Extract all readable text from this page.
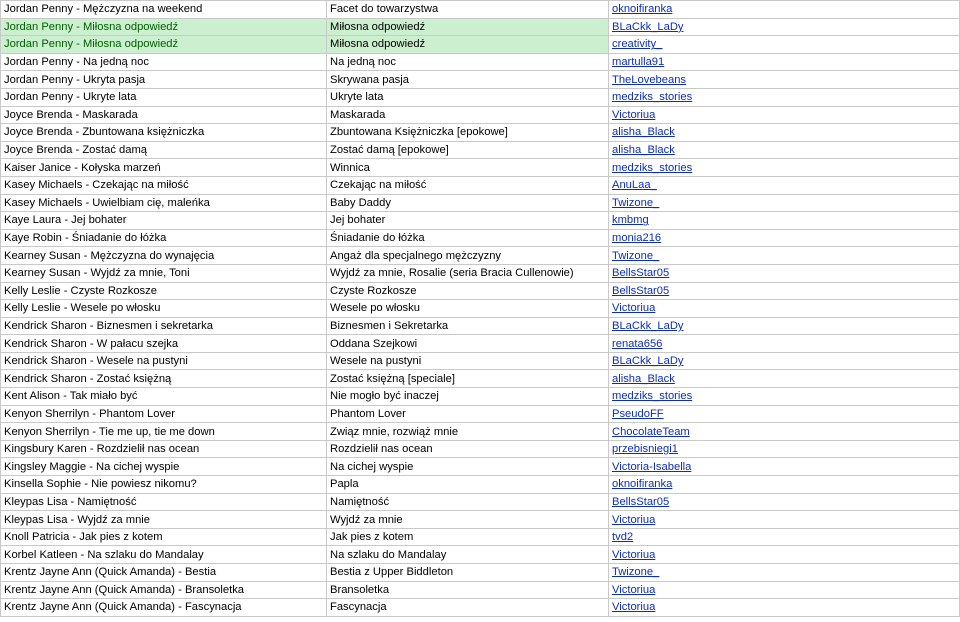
Jordan Penny - Mężczyzna na weekend	Facet do towarzystwa	oknoifiranka
Jordan Penny - Miłosna odpowiedź	Miłosna odpowiedź	BLaCkk_LaDy
Jordan Penny - Miłosna odpowiedź	Miłosna odpowiedź	creativity_
Jordan Penny - Na jedną noc	Na jedną noc	martulla91
Jordan Penny - Ukryta pasja	Skrywana pasja	TheLovebeans
Jordan Penny - Ukryte lata	Ukryte lata	medziks_stories
Joyce Brenda - Maskarada	Maskarada	Victoriua
Joyce Brenda - Zbuntowana księżniczka	Zbuntowana Księżniczka [epokowe]	alisha_Black
Joyce Brenda - Zostać damą	Zostać damą [epokowe]	alisha_Black
Kaiser Janice - Kołyska marzeń	Winnica	medziks_stories
Kasey Michaels - Czekając na miłość	Czekając na miłość	AnuLaa_
Kasey Michaels - Uwielbiam cię, maleńka	Baby Daddy	Twizone_
Kaye Laura - Jej bohater	Jej bohater	kmbmg
Kaye Robin - Śniadanie do łóżka	Śniadanie do łóżka	monia216
Kearney Susan - Mężczyzna do wynajęcia	Angaż dla specjalnego mężczyzny	Twizone_
Kearney Susan - Wyjdź za mnie, Toni	Wyjdź za mnie, Rosalie (seria Bracia Cullenowie)	BellsStar05
Kelly Leslie - Czyste Rozkosze	Czyste Rozkosze	BellsStar05
Kelly Leslie - Wesele po włosku	Wesele po włosku	Victoriua
Kendrick Sharon - Biznesmen i sekretarka	Biznesmen i Sekretarka	BLaCkk_LaDy
Kendrick Sharon - W pałacu szejka	Oddana Szejkowi	renata656
Kendrick Sharon - Wesele na pustyni	Wesele na pustyni	BLaCkk_LaDy
Kendrick Sharon - Zostać księżną	Zostać księżną [speciale]	alisha_Black
Kent Alison - Tak miało być	Nie mogło być inaczej	medziks_stories
Kenyon Sherrilyn - Phantom Lover	Phantom Lover	PseudoFF
Kenyon Sherrilyn - Tie me up, tie me down	Związ mnie, rozwiąż mnie	ChocolateTeam
Kingsbury Karen - Rozdzielił nas ocean	Rozdzielił nas ocean	przebisniegi1
Kingsley Maggie - Na cichej wyspie	Na cichej wyspie	Victoria-Isabella
Kinsella Sophie - Nie powiesz nikomu?	Papla	oknoifiranka
Kleypas Lisa - Namiętność	Namiętność	BellsStar05
Kleypas Lisa - Wyjdź za mnie	Wyjdź za mnie	Victoriua
Knoll Patricia - Jak pies z kotem	Jak pies z kotem	tvd2
Korbel Katleen - Na szlaku do Mandalay	Na szlaku do Mandalay	Victoriua
Krentz Jayne Ann (Quick Amanda) - Bestia	Bestia z Upper Biddleton	Twizone_
Krentz Jayne Ann (Quick Amanda) - Bransoletka	Bransoletka	Victoriua
Krentz Jayne Ann (Quick Amanda) - Fascynacja	Fascynacja	Victoriua
